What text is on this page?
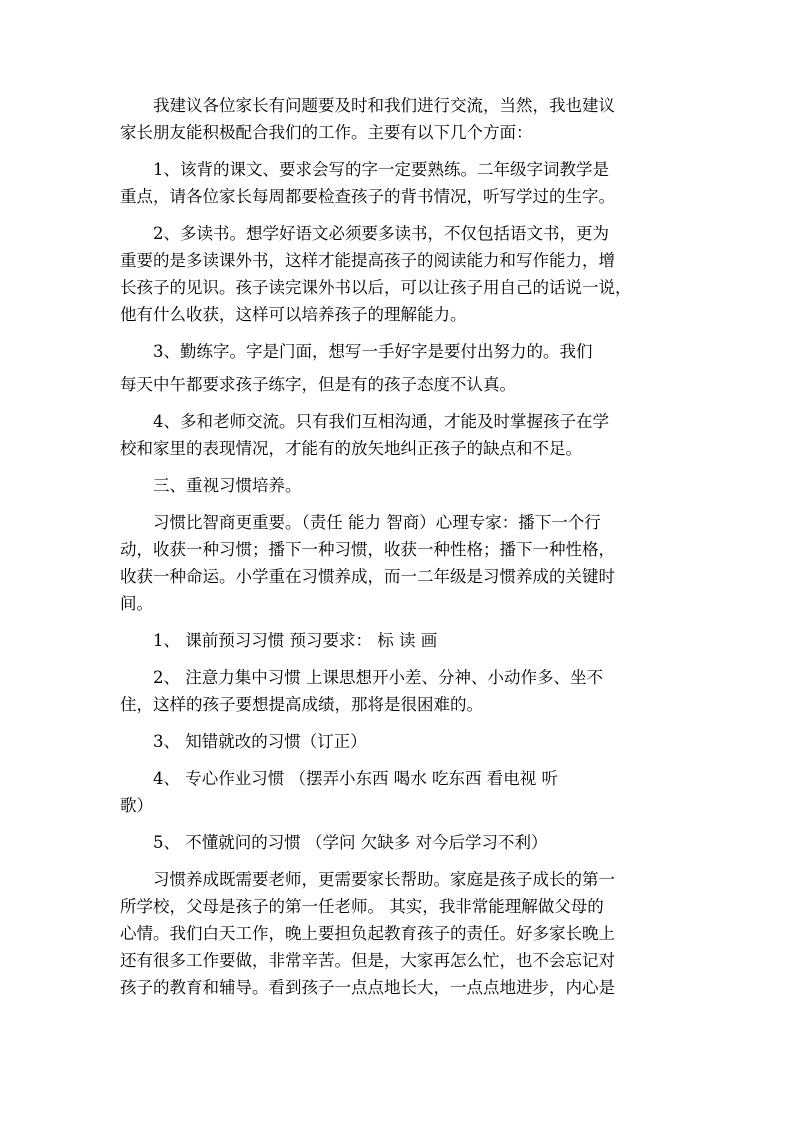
我建议各位家长有问题要及时和我们进行交流，当然，我也建议
家长朋友能积极配合我们的工作。主要有以下几个方面：

1、该背的课文、要求会写的字一定要熟练。二年级字词教学是
重点，请各位家长每周都要检查孩子的背书情况，听写学过的生字。

2、多读书。想学好语文必须要多读书，不仅包括语文书，更为
重要的是多读课外书，这样才能提高孩子的阅读能力和写作能力，增
长孩子的见识。孩子读完课外书以后，可以让孩子用自己的话说一说，
他有什么收获，这样可以培养孩子的理解能力。

3、勤练字。字是门面，想写一手好字是要付出努力的。我们

每天中午都要求孩子练字，但是有的孩子态度不认真。

4、多和老师交流。只有我们互相沟通，才能及时掌握孩子在学
校和家里的表现情况，才能有的放矢地纠正孩子的缺点和不足。

三、重视习惯培养。

习惯比智商更重要。（责任 能力 智商）心理专家：播下一个行
动，收获一种习惯；播下一种习惯，收获一种性格；播下一种性格，
收获一种命运。小学重在习惯养成，而一二年级是习惯养成的关键时
间。

1、 课前预习习惯 预习要求： 标 读 画

2、 注意力集中习惯 上课思想开小差、分神、小动作多、坐不
住，这样的孩子要想提高成绩，那将是很困难的。

3、 知错就改的习惯（订正）

4、 专心作业习惯 （摆弄小东西 喝水 吃东西 看电视 听
歌）

5、 不懂就问的习惯 （学问 欠缺多 对今后学习不利）

习惯养成既需要老师，更需要家长帮助。家庭是孩子成长的第一
所学校，父母是孩子的第一任老师。 其实，我非常能理解做父母的
心情。我们白天工作，晚上要担负起教育孩子的责任。好多家长晚上
还有很多工作要做，非常辛苦。但是，大家再怎么忙，也不会忘记对
孩子的教育和辅导。看到孩子一点点地长大，一点点地进步，内心是
